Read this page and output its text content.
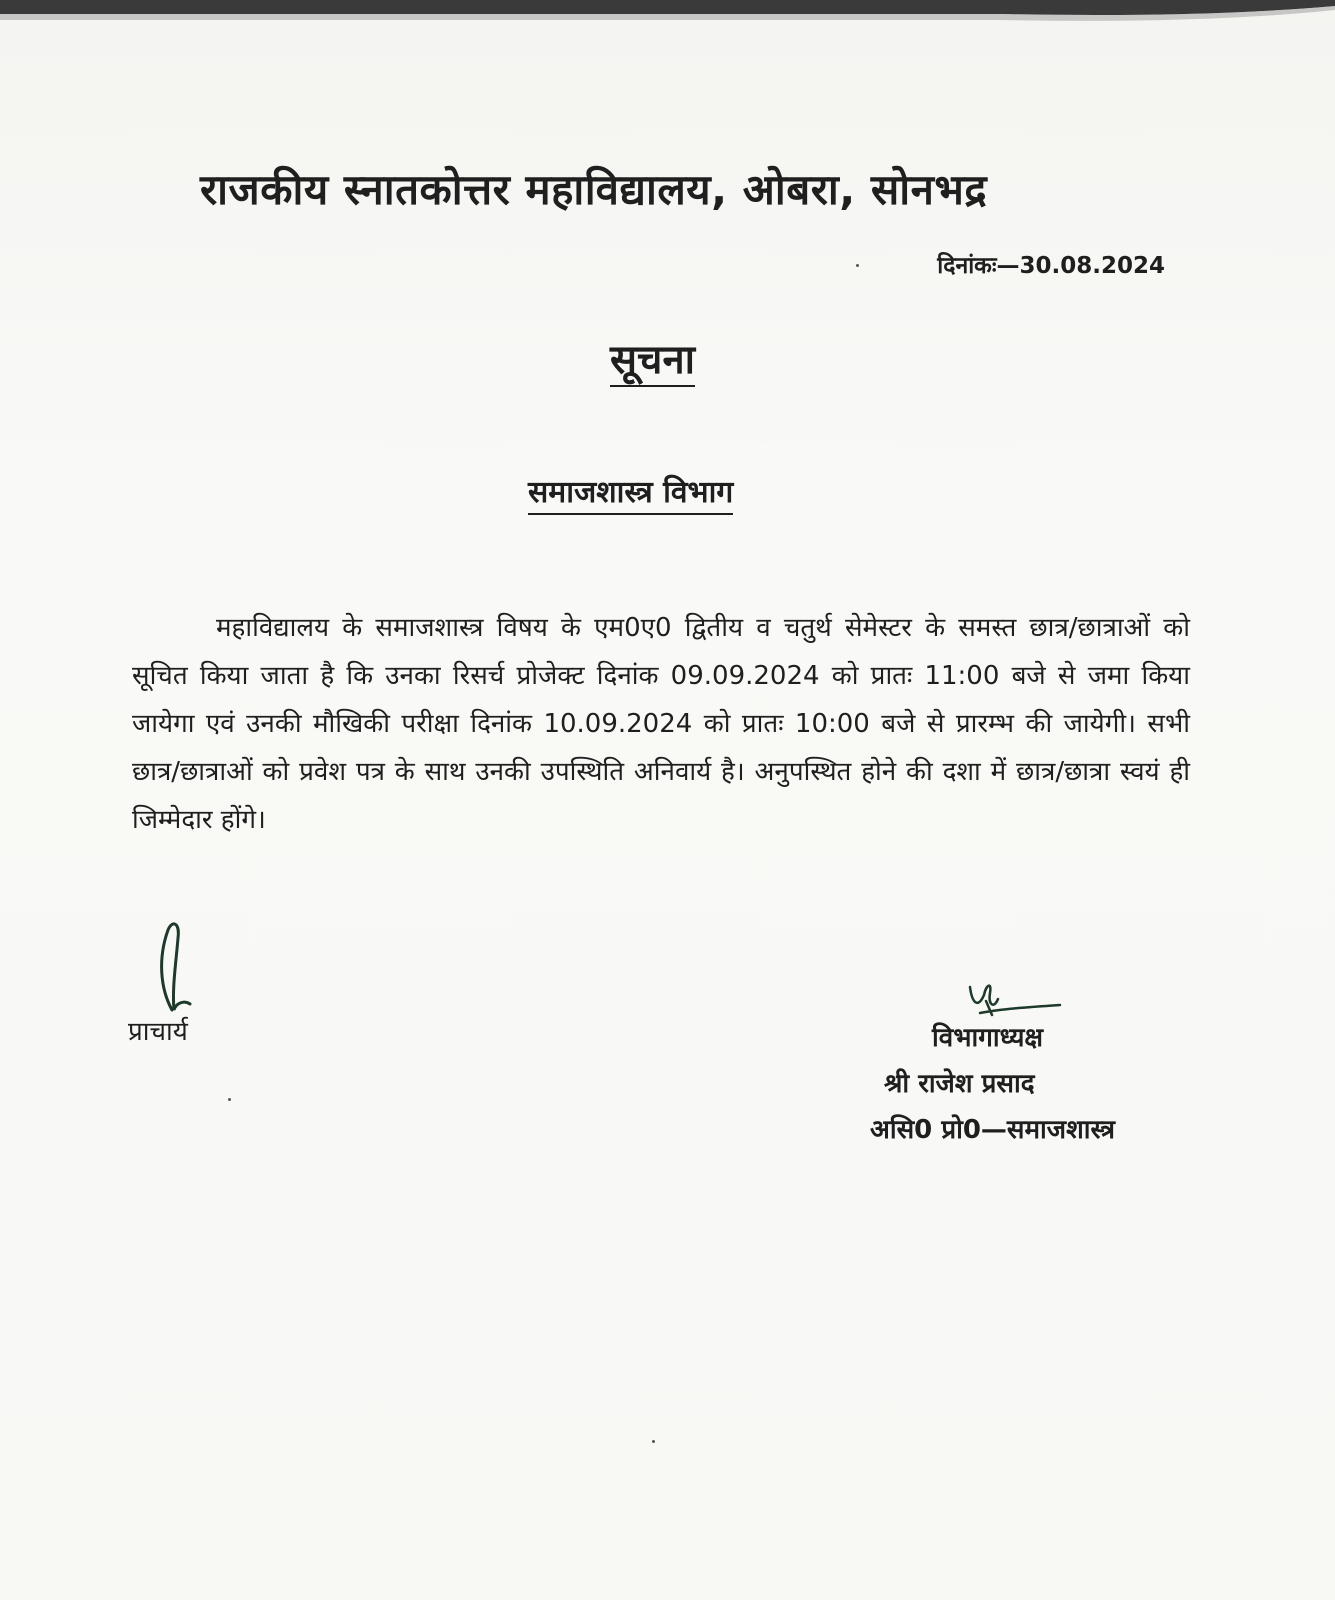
राजकीय स्नातकोत्तर महाविद्यालय, ओबरा, सोनभद्र
दिनांकः—30.08.2024
सूचना
समाजशास्त्र विभाग

महाविद्यालय के समाजशास्त्र विषय के एम0ए0 द्वितीय व चतुर्थ सेमेस्टर के समस्त छात्र/छात्राओं को सूचित किया जाता है कि उनका रिसर्च प्रोजेक्ट दिनांक 09.09.2024 को प्रातः 11:00 बजे से जमा किया जायेगा एवं उनकी मौखिकी परीक्षा दिनांक 10.09.2024 को प्रातः 10:00 बजे से प्रारम्भ की जायेगी। सभी छात्र/छात्राओं को प्रवेश पत्र के साथ उनकी उपस्थिति अनिवार्य है। अनुपस्थित होने की दशा में छात्र/छात्रा स्वयं ही जिम्मेदार होंगे।

प्राचार्य	विभागाध्यक्ष
श्री राजेश प्रसाद
असि0 प्रो0—समाजशास्त्र
